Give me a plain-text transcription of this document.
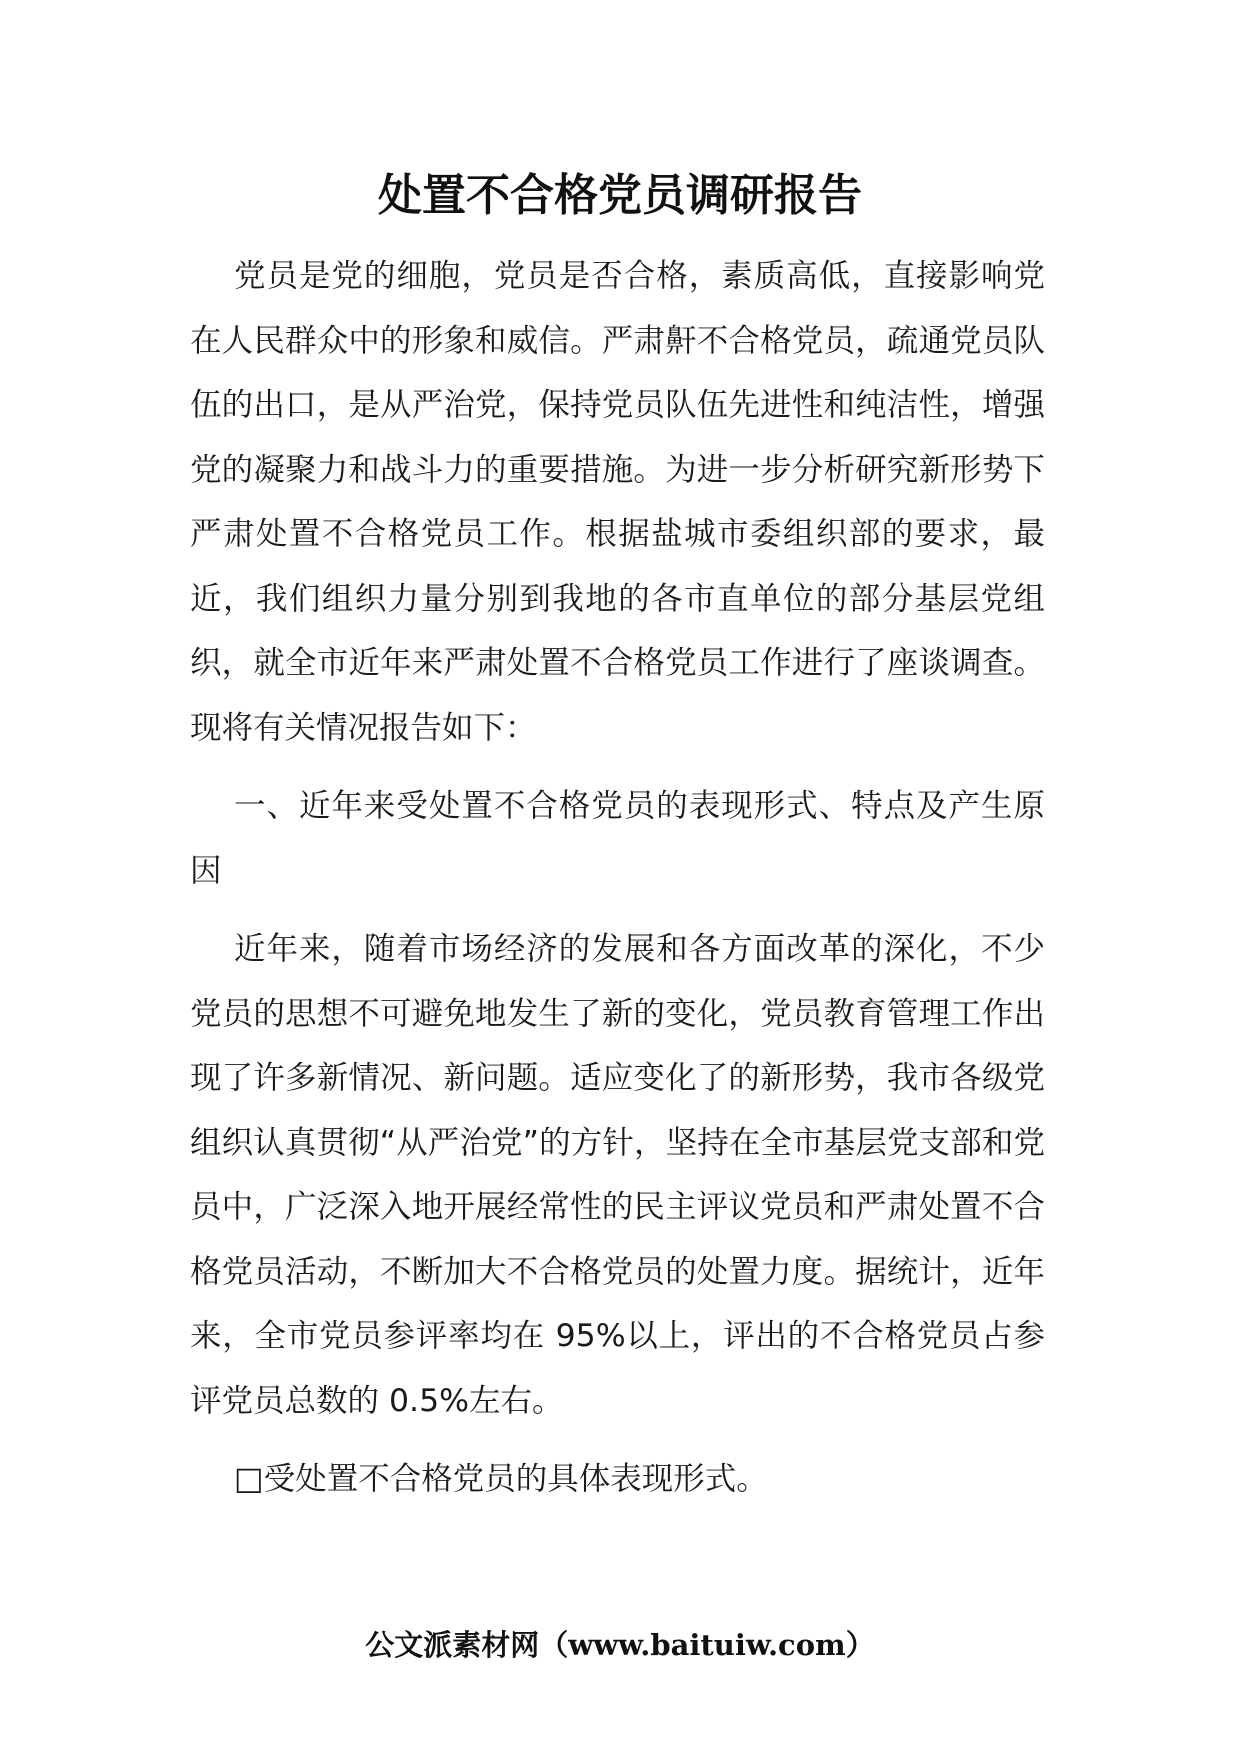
处置不合格党员调研报告

党员是党的细胞，党员是否合格，素质高低，直接影响党在人民群众中的形象和威信。严肃鼾不合格党员，疏通党员队伍的出口，是从严治党，保持党员队伍先进性和纯洁性，增强党的凝聚力和战斗力的重要措施。为进一步分析研究新形势下严肃处置不合格党员工作。根据盐城市委组织部的要求，最近，我们组织力量分别到我地的各市直单位的部分基层党组织，就全市近年来严肃处置不合格党员工作进行了座谈调查。现将有关情况报告如下：

一、近年来受处置不合格党员的表现形式、特点及产生原因

近年来，随着市场经济的发展和各方面改革的深化，不少党员的思想不可避免地发生了新的变化，党员教育管理工作出现了许多新情况、新问题。适应变化了的新形势，我市各级党组织认真贯彻“从严治党”的方针，坚持在全市基层党支部和党员中，广泛深入地开展经常性的民主评议党员和严肃处置不合格党员活动，不断加大不合格党员的处置力度。据统计，近年来，全市党员参评率均在 95%以上，评出的不合格党员占参评党员总数的 0.5%左右。

□受处置不合格党员的具体表现形式。

公文派素材网（www.baituiw.com）
